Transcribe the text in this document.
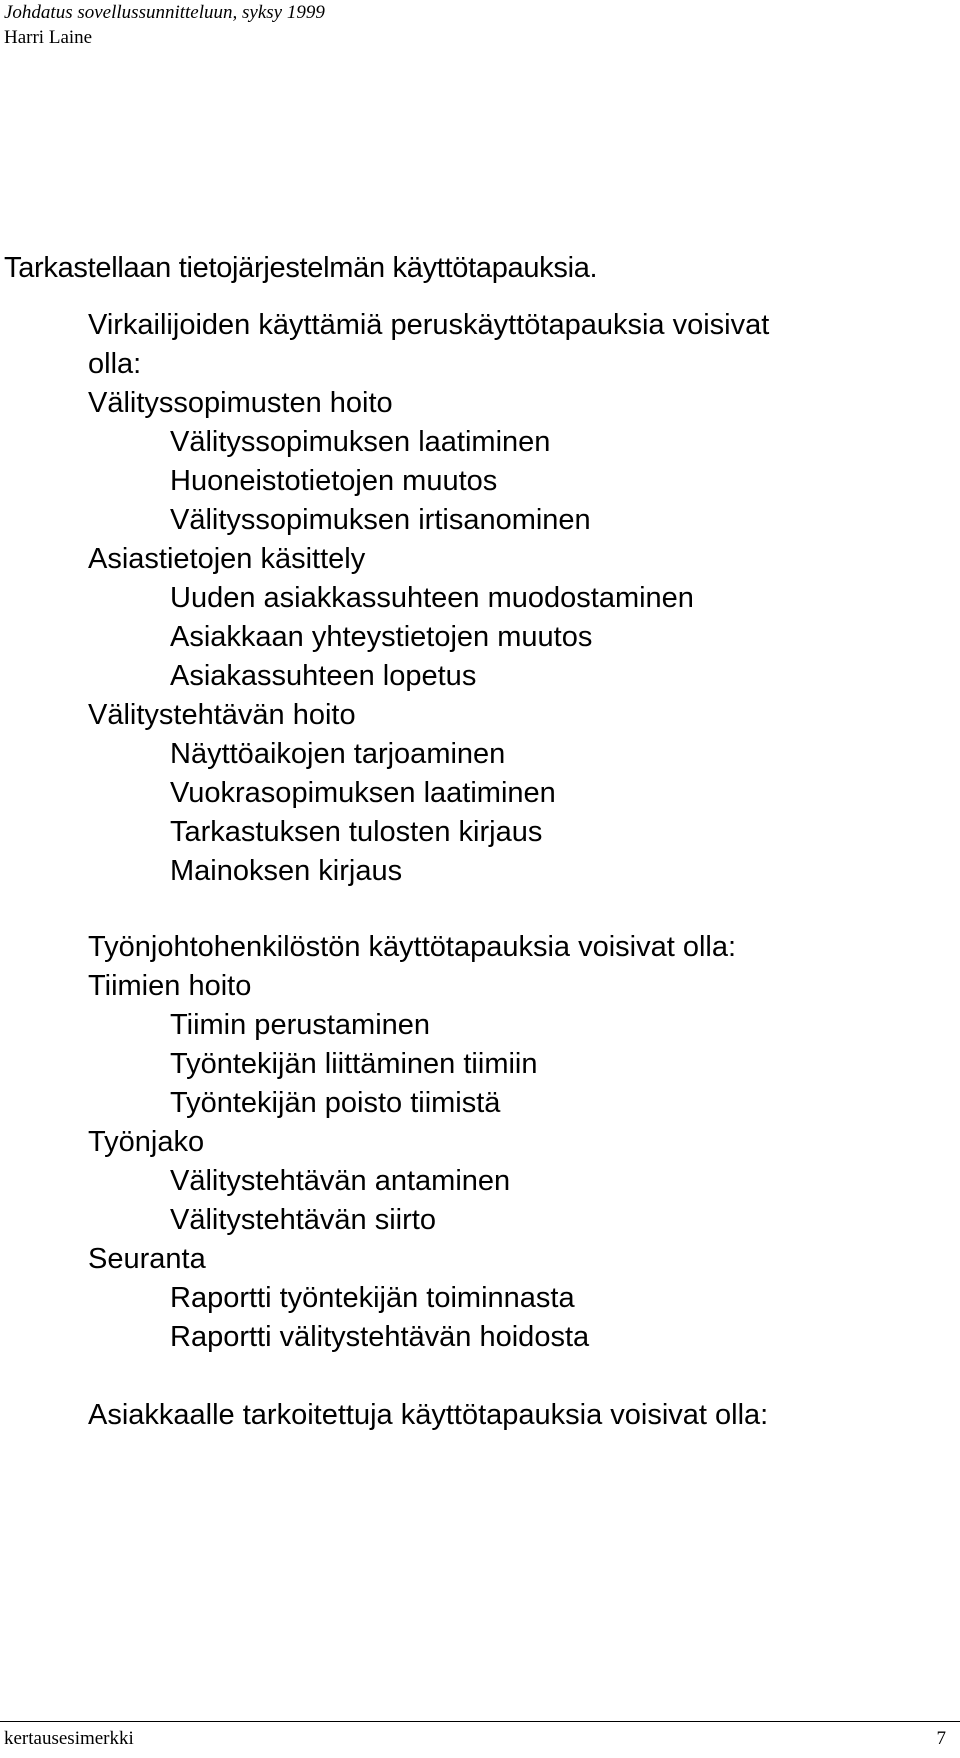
Johdatus sovellussunnitteluun, syksy 1999
Harri Laine
Tarkastellaan tietojärjestelmän käyttötapauksia.
Virkailijoiden käyttämiä peruskäyttötapauksia voisivat
olla:
Välityssopimusten hoito
Välityssopimuksen laatiminen
Huoneistotietojen muutos
Välityssopimuksen irtisanominen
Asiastietojen käsittely
Uuden asiakkassuhteen muodostaminen
Asiakkaan yhteystietojen muutos
Asiakassuhteen lopetus
Välitystehtävän hoito
Näyttöaikojen tarjoaminen
Vuokrasopimuksen laatiminen
Tarkastuksen tulosten kirjaus
Mainoksen kirjaus
Työnjohtohenkilöstön käyttötapauksia voisivat olla:
Tiimien hoito
Tiimin perustaminen
Työntekijän liittäminen tiimiin
Työntekijän poisto tiimistä
Työnjako
Välitystehtävän antaminen
Välitystehtävän siirto
Seuranta
Raportti työntekijän toiminnasta
Raportti välitystehtävän hoidosta
Asiakkaalle tarkoitettuja käyttötapauksia voisivat olla:
kertausesimerkki	7
